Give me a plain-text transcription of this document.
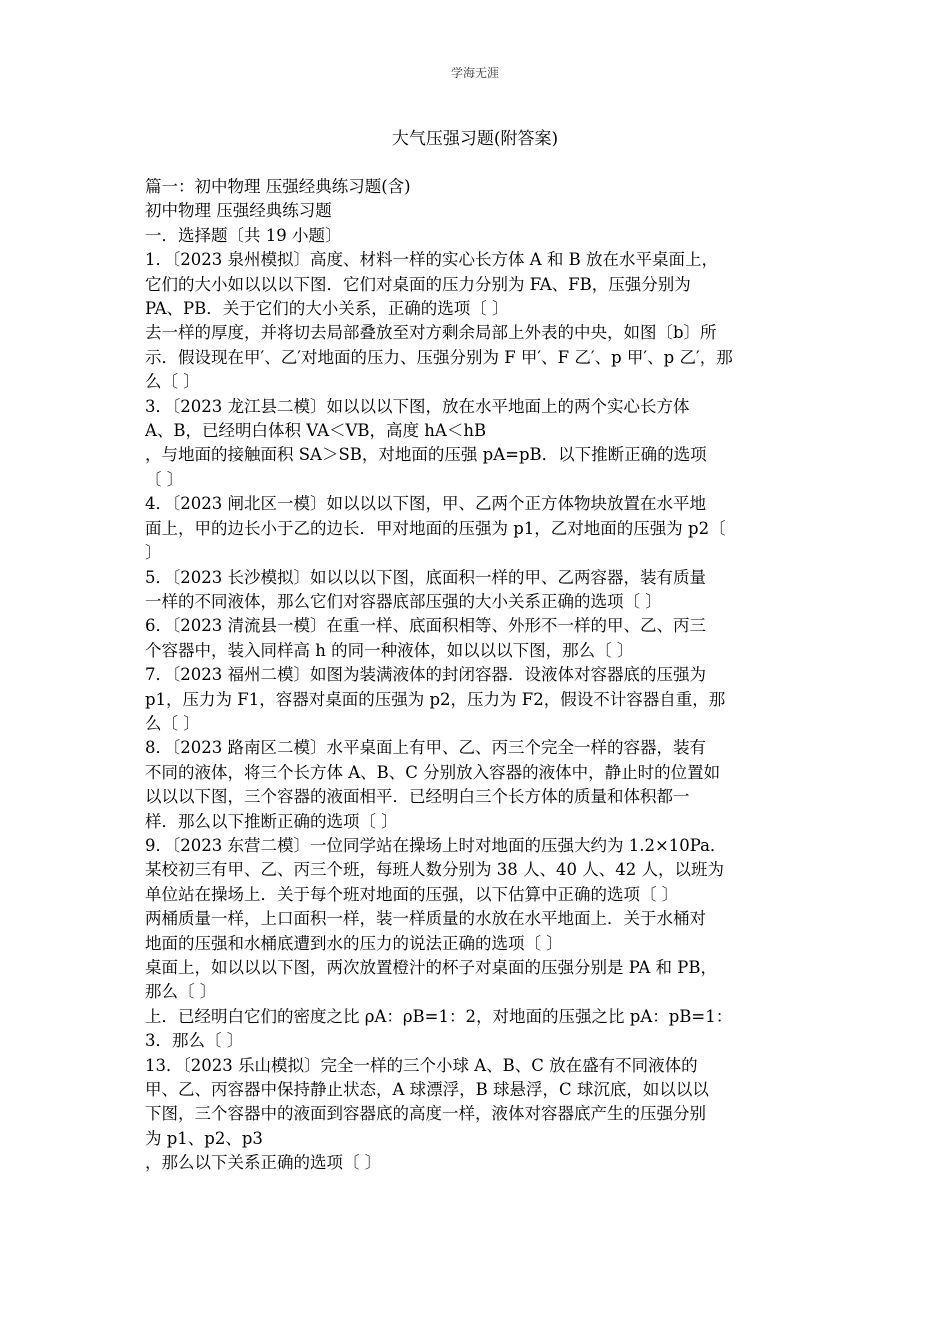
学海无涯
大气压强习题(附答案)
篇一：初中物理 压强经典练习题(含)
初中物理 压强经典练习题
一．选择题〔共 19 小题〕
1．〔2023 泉州模拟〕高度、材料一样的实心长方体 A 和 B 放在水平桌面上，
它们的大小如以以以下图．它们对桌面的压力分别为 FA、FB，压强分别为
PA、PB．关于它们的大小关系，正确的选项〔 〕
去一样的厚度，并将切去局部叠放至对方剩余局部上外表的中央，如图〔b〕所
示．假设现在甲′、乙′对地面的压力、压强分别为 F 甲′、F 乙′、p 甲′、p 乙′，那
么〔 〕
3．〔2023 龙江县二模〕如以以以下图，放在水平地面上的两个实心长方体
A、B，已经明白体积 VA＜VB，高度 hA＜hB
，与地面的接触面积 SA＞SB，对地面的压强 pA=pB．以下推断正确的选项
〔 〕
4．〔2023 闸北区一模〕如以以以下图，甲、乙两个正方体物块放置在水平地
面上，甲的边长小于乙的边长．甲对地面的压强为 p1，乙对地面的压强为 p2〔
〕
5．〔2023 长沙模拟〕如以以以下图，底面积一样的甲、乙两容器，装有质量
一样的不同液体，那么它们对容器底部压强的大小关系正确的选项〔 〕
6．〔2023 清流县一模〕在重一样、底面积相等、外形不一样的甲、乙、丙三
个容器中，装入同样高 h 的同一种液体，如以以以下图，那么〔 〕
7．〔2023 福州二模〕如图为装满液体的封闭容器．设液体对容器底的压强为
p1，压力为 F1，容器对桌面的压强为 p2，压力为 F2，假设不计容器自重，那
么〔 〕
8．〔2023 路南区二模〕水平桌面上有甲、乙、丙三个完全一样的容器，装有
不同的液体，将三个长方体 A、B、C 分别放入容器的液体中，静止时的位置如
以以以下图，三个容器的液面相平．已经明白三个长方体的质量和体积都一
样．那么以下推断正确的选项〔 〕
9．〔2023 东营二模〕一位同学站在操场上时对地面的压强大约为 1.2×10Pa．
某校初三有甲、乙、丙三个班，每班人数分别为 38 人、40 人、42 人，以班为
单位站在操场上．关于每个班对地面的压强，以下估算中正确的选项〔 〕
两桶质量一样，上口面积一样，装一样质量的水放在水平地面上．关于水桶对
地面的压强和水桶底遭到水的压力的说法正确的选项〔 〕
桌面上，如以以以下图，两次放置橙汁的杯子对桌面的压强分别是 PA 和 PB，
那么〔 〕
上．已经明白它们的密度之比 ρA：ρB=1：2，对地面的压强之比 pA：pB=1：
3．那么〔 〕
13．〔2023 乐山模拟〕完全一样的三个小球 A、B、C 放在盛有不同液体的
甲、乙、丙容器中保持静止状态，A 球漂浮，B 球悬浮，C 球沉底，如以以以
下图，三个容器中的液面到容器底的高度一样，液体对容器底产生的压强分别
为 p1、p2、p3
，那么以下关系正确的选项〔 〕
